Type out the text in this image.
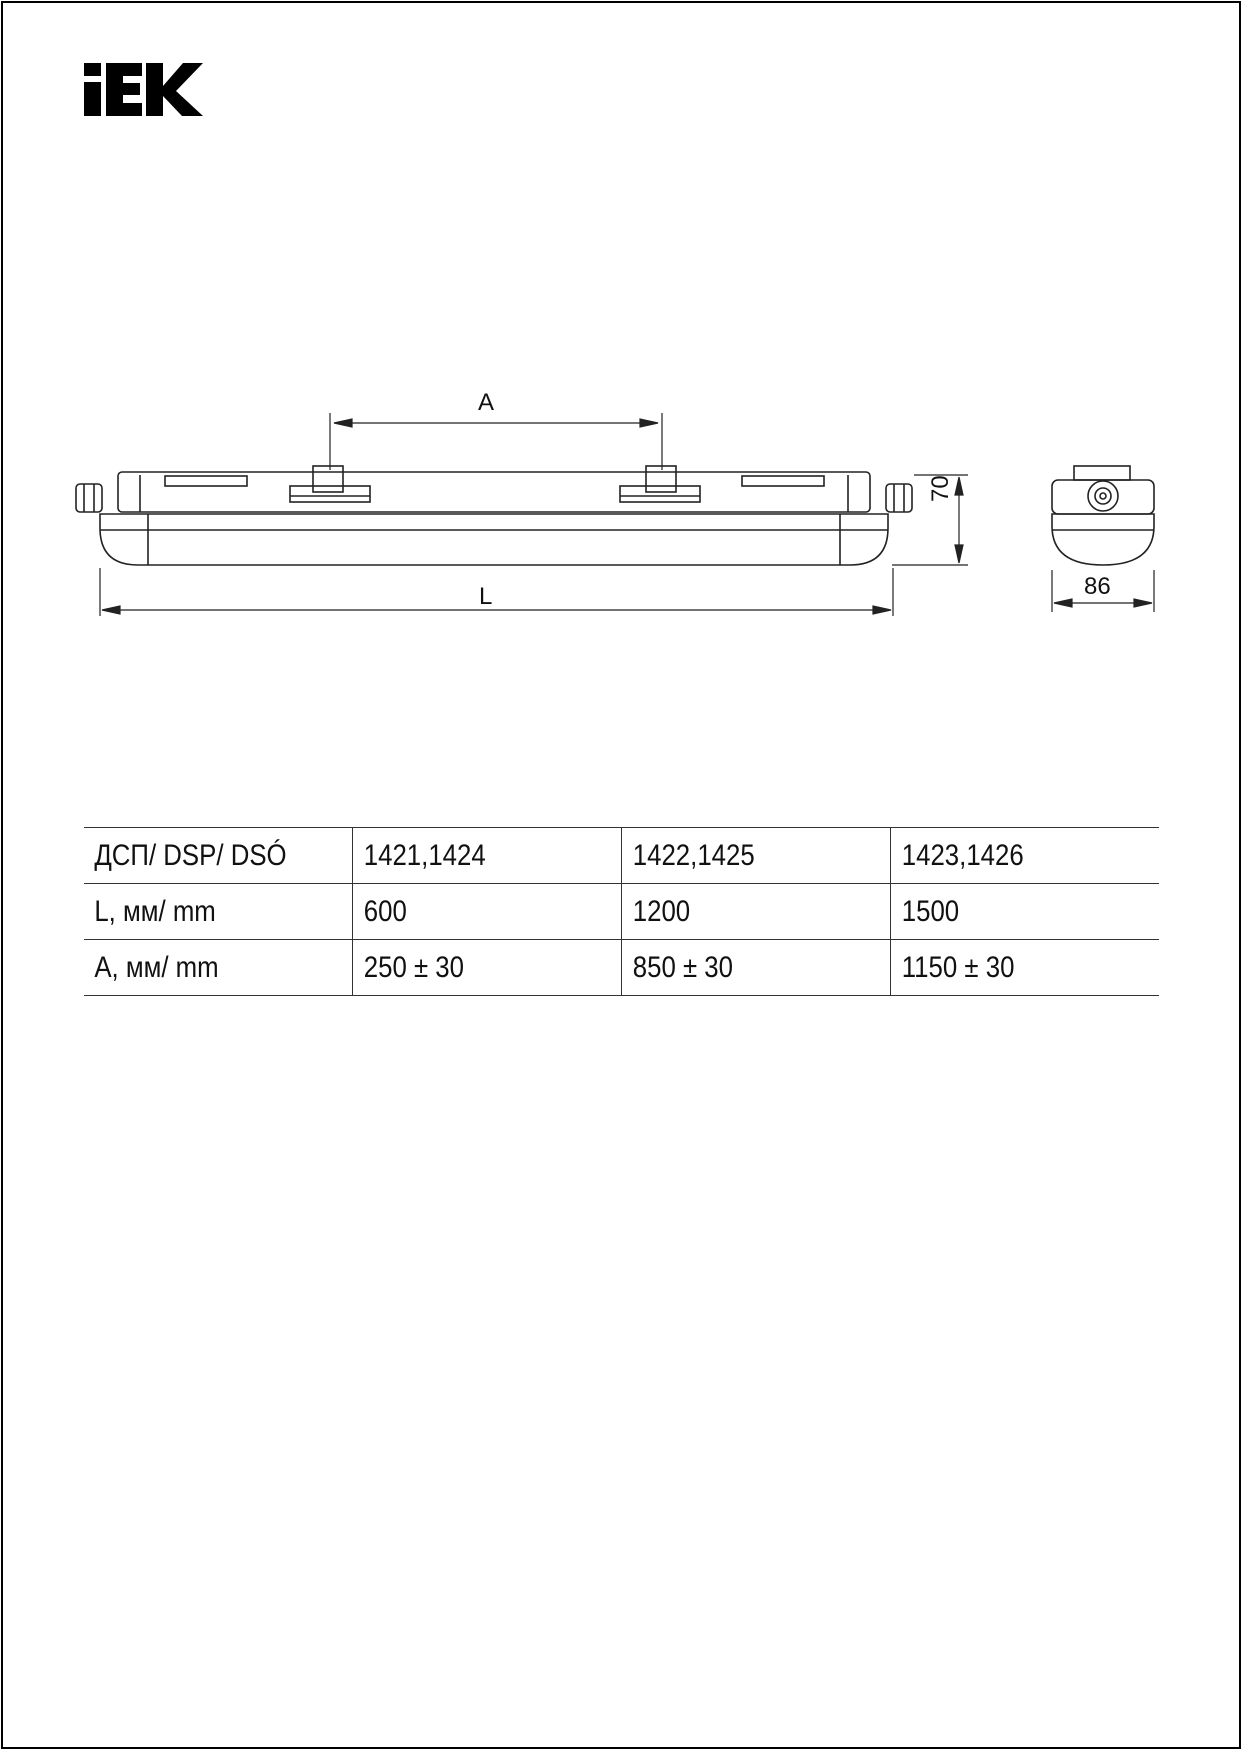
A
L
70
86
ДСП/ DSP/ DSÓ	1421,1424	1422,1425	1423,1426
L, мм/ mm	600	1200	1500
A, мм/ mm	250 ± 30	850 ± 30	1150 ± 30
